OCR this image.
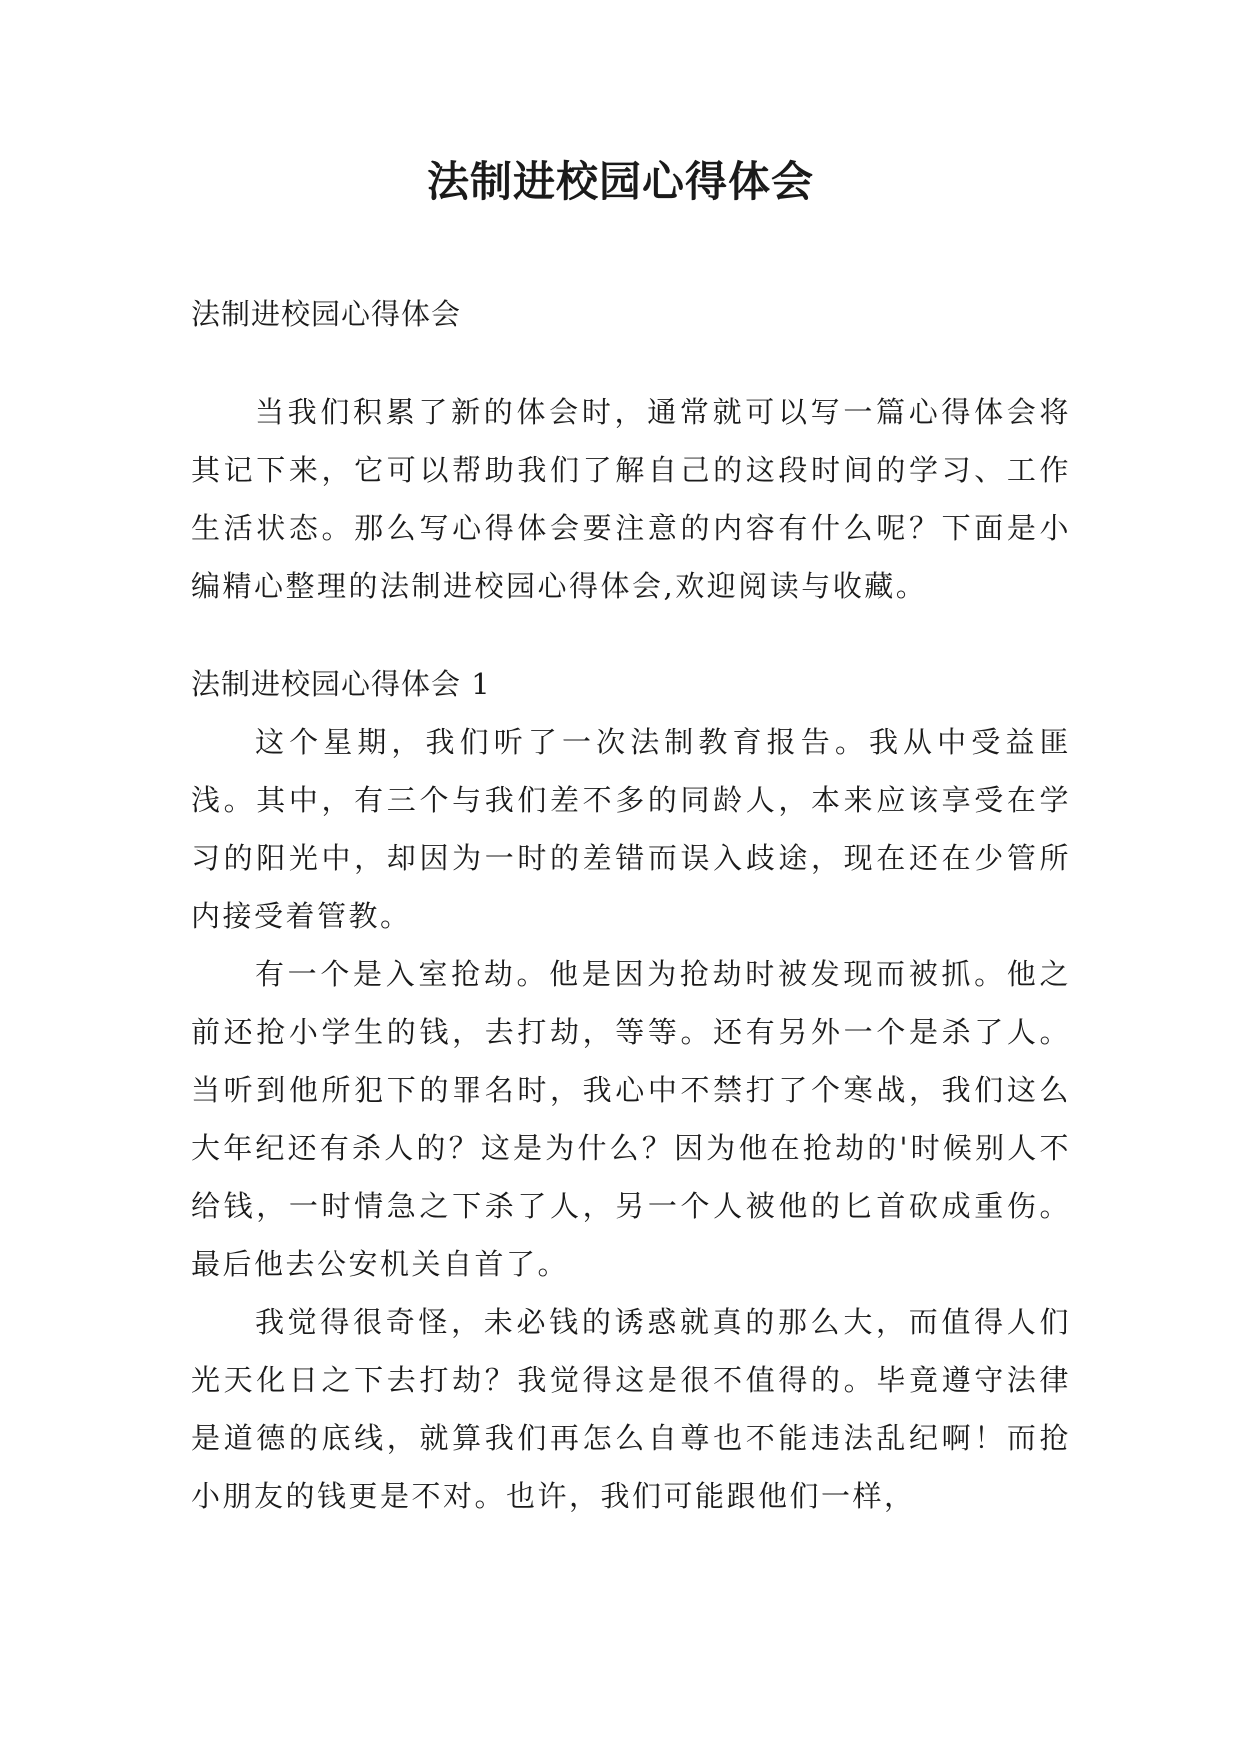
法制进校园心得体会

法制进校园心得体会

当我们积累了新的体会时，通常就可以写一篇心得体会将其记下来，它可以帮助我们了解自己的这段时间的学习、工作生活状态。那么写心得体会要注意的内容有什么呢？下面是小编精心整理的法制进校园心得体会,欢迎阅读与收藏。

法制进校园心得体会 1

这个星期，我们听了一次法制教育报告。我从中受益匪浅。其中，有三个与我们差不多的同龄人，本来应该享受在学习的阳光中，却因为一时的差错而误入歧途，现在还在少管所内接受着管教。

有一个是入室抢劫。他是因为抢劫时被发现而被抓。他之前还抢小学生的钱，去打劫，等等。还有另外一个是杀了人。当听到他所犯下的罪名时，我心中不禁打了个寒战，我们这么大年纪还有杀人的？这是为什么？因为他在抢劫的'时候别人不给钱，一时情急之下杀了人，另一个人被他的匕首砍成重伤。最后他去公安机关自首了。

我觉得很奇怪，未必钱的诱惑就真的那么大，而值得人们光天化日之下去打劫？我觉得这是很不值得的。毕竟遵守法律是道德的底线，就算我们再怎么自尊也不能违法乱纪啊！而抢小朋友的钱更是不对。也许，我们可能跟他们一样，
